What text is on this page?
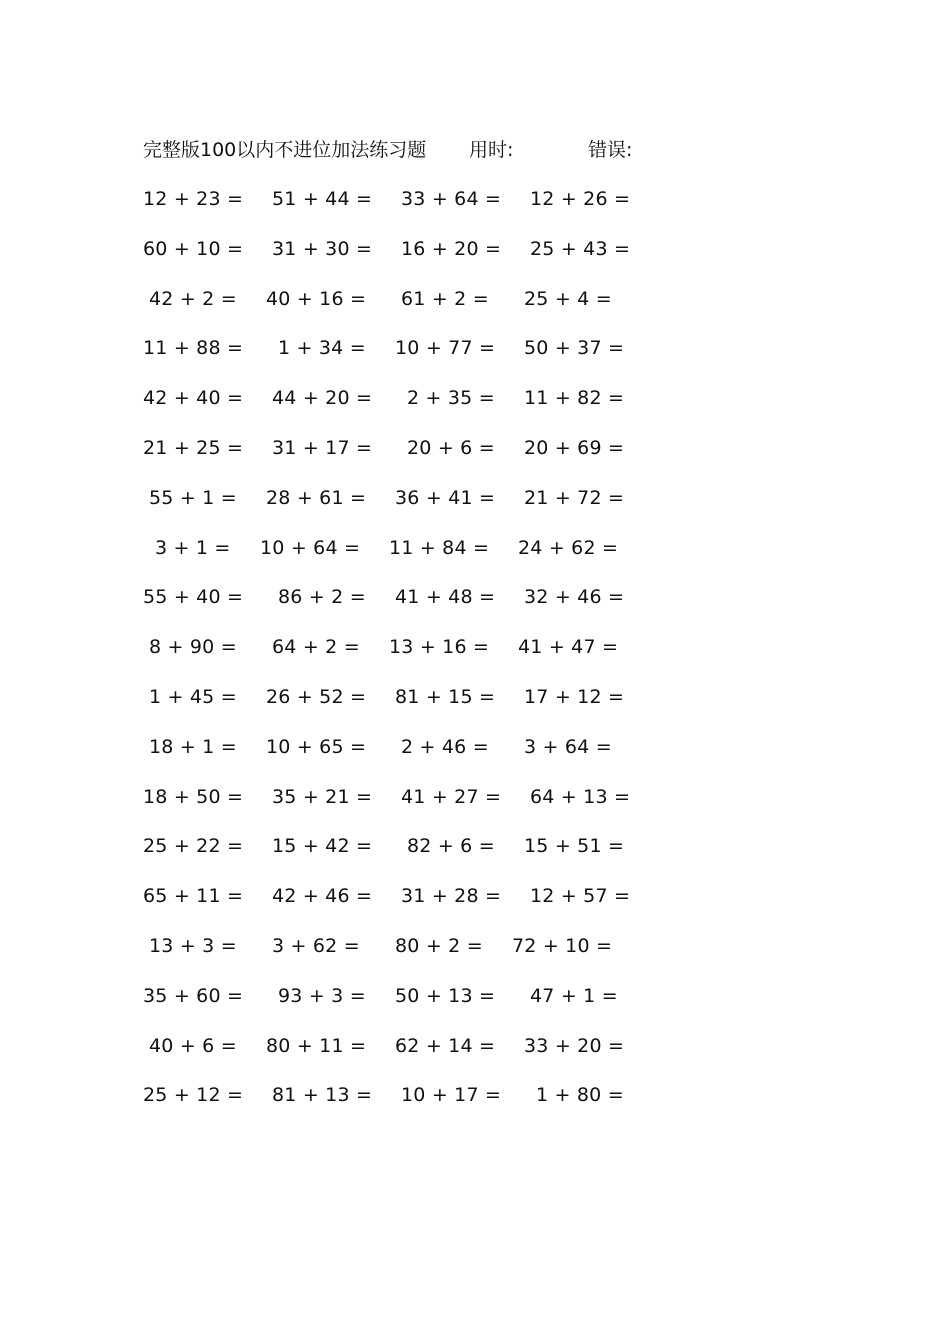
完整版100以内不进位加法练习题 用时:	错误:
12 + 23 = 51 + 44 = 33 + 64 = 12 + 26 =
60 + 10 = 31 + 30 = 16 + 20 = 25 + 43 =
42 + 2 = 40 + 16 = 61 + 2 = 25 + 4 =
11 + 88 = 1 + 34 = 10 + 77 = 50 + 37 =
42 + 40 = 44 + 20 = 2 + 35 = 11 + 82 =
21 + 25 = 31 + 17 = 20 + 6 = 20 + 69 =
55 + 1 = 28 + 61 = 36 + 41 = 21 + 72 =
3 + 1 = 10 + 64 = 11 + 84 = 24 + 62 =
55 + 40 = 86 + 2 = 41 + 48 = 32 + 46 =
8 + 90 = 64 + 2 = 13 + 16 = 41 + 47 =
1 + 45 = 26 + 52 = 81 + 15 = 17 + 12 =
18 + 1 = 10 + 65 = 2 + 46 = 3 + 64 =
18 + 50 = 35 + 21 = 41 + 27 = 64 + 13 =
25 + 22 = 15 + 42 = 82 + 6 = 15 + 51 =
65 + 11 = 42 + 46 = 31 + 28 = 12 + 57 =
13 + 3 = 3 + 62 = 80 + 2 = 72 + 10 =
35 + 60 = 93 + 3 = 50 + 13 = 47 + 1 =
40 + 6 = 80 + 11 = 62 + 14 = 33 + 20 =
25 + 12 = 81 + 13 = 10 + 17 = 1 + 80 =
